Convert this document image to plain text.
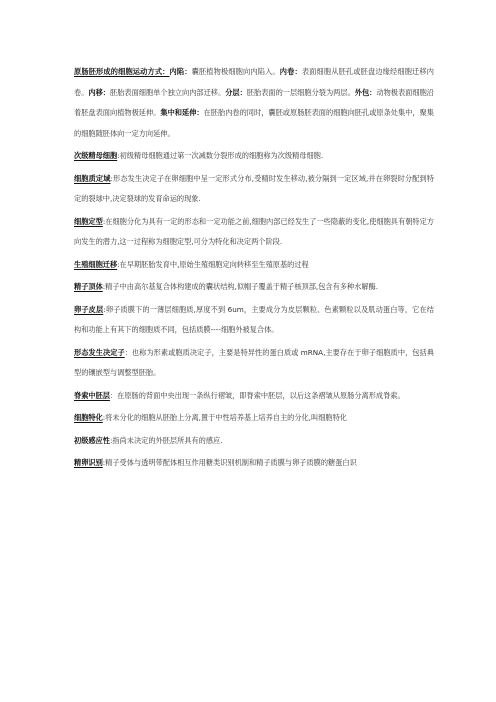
原肠胚形成的细胞运动方式：内陷：囊胚植物极细胞向内陷入。内卷：表面细胞从胚孔或胚盘边缘经细胞迁移内卷。内移：胚胎表面细胞单个独立向内部迁移。分层：胚胎表面的一层细胞分裂为两层。外包：动物极表面细胞沿着胚盘表面向植物极延伸。集中和延伸：在胚胎内卷的同时，囊胚或原肠胚表面的细胞向胚孔或原条处集中，聚集的细胞随胚体向一定方向延伸。

次级精母细胞:初级精母细胞通过第一次减数分裂形成的细胞称为次级精母细胞.

细胞质定域:形态发生决定子在卵细胞中呈一定形式分布,受精时发生移动,被分隔到一定区域,并在卵裂时分配到特定的裂球中,决定裂球的发育命运的现象.

细胞定型:在细胞分化为具有一定的形态和一定功能之前,细胞内部已经发生了一些隐蔽的变化,使细胞具有朝特定方向发生的潜力,这一过程称为细胞定型,可分为特化和决定两个阶段.

生殖细胞迁移:在早期胚胎发育中,原始生殖细胞定向转移至生殖原基的过程

精子顶体:精子中由高尔基复合体构建成的囊状结构,似帽子覆盖于精子核顶部,包含有多种水解酶.

卵子皮层:卵子质膜下的一薄层细胞质,厚度不到 6um，主要成分为皮层颗粒、色素颗粒以及肌动蛋白等，它在结构和功能上有其下的细胞质不同，包括质膜----细胞外被复合体。

形态发生决定子：也称为形素或胞质决定子，主要是特异性的蛋白质或 mRNA,主要存在于卵子细胞质中，包括典型的镶嵌型与调整型胚胎。

脊索中胚层：在原肠的背面中央出现一条纵行褶皱，即脊索中胚层，以后这条褶皱从原肠分离形成脊索。

细胞特化:将未分化的细胞从胚胎上分离,置于中性培养基上培养自主的分化,叫细胞特化

初级感应性:指尚未决定的外胚层所具有的感应.

精卵识别:精子受体与透明带配体相互作用糖类识别机制和精子质膜与卵子质膜的糖蛋白识
